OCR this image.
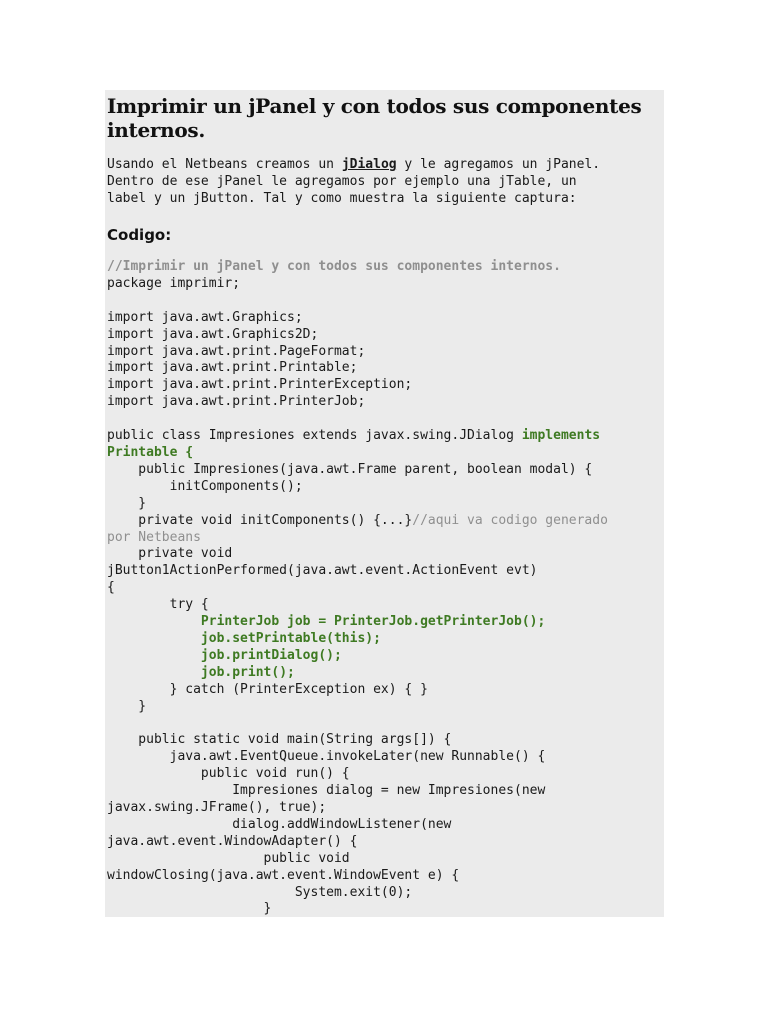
Imprimir un jPanel y con todos sus componentes internos.
Usando el Netbeans creamos un jDialog y le agregamos un jPanel.
Dentro de ese jPanel le agregamos por ejemplo una jTable, un
label y un jButton. Tal y como muestra la siguiente captura:
Codigo:
//Imprimir un jPanel y con todos sus componentes internos.
package imprimir;

import java.awt.Graphics;
import java.awt.Graphics2D;
import java.awt.print.PageFormat;
import java.awt.print.Printable;
import java.awt.print.PrinterException;
import java.awt.print.PrinterJob;

public class Impresiones extends javax.swing.JDialog implements
Printable {
public Impresiones(java.awt.Frame parent, boolean modal) {
initComponents();
}
private void initComponents() {...}//aqui va codigo generado
por Netbeans
private void
jButton1ActionPerformed(java.awt.event.ActionEvent evt)
{
try {
PrinterJob job = PrinterJob.getPrinterJob();
job.setPrintable(this);
job.printDialog();
job.print();
} catch (PrinterException ex) { }
}

public static void main(String args[]) {
java.awt.EventQueue.invokeLater(new Runnable() {
public void run() {
Impresiones dialog = new Impresiones(new
javax.swing.JFrame(), true);
dialog.addWindowListener(new
java.awt.event.WindowAdapter() {
public void
windowClosing(java.awt.event.WindowEvent e) {
System.exit(0);
}
